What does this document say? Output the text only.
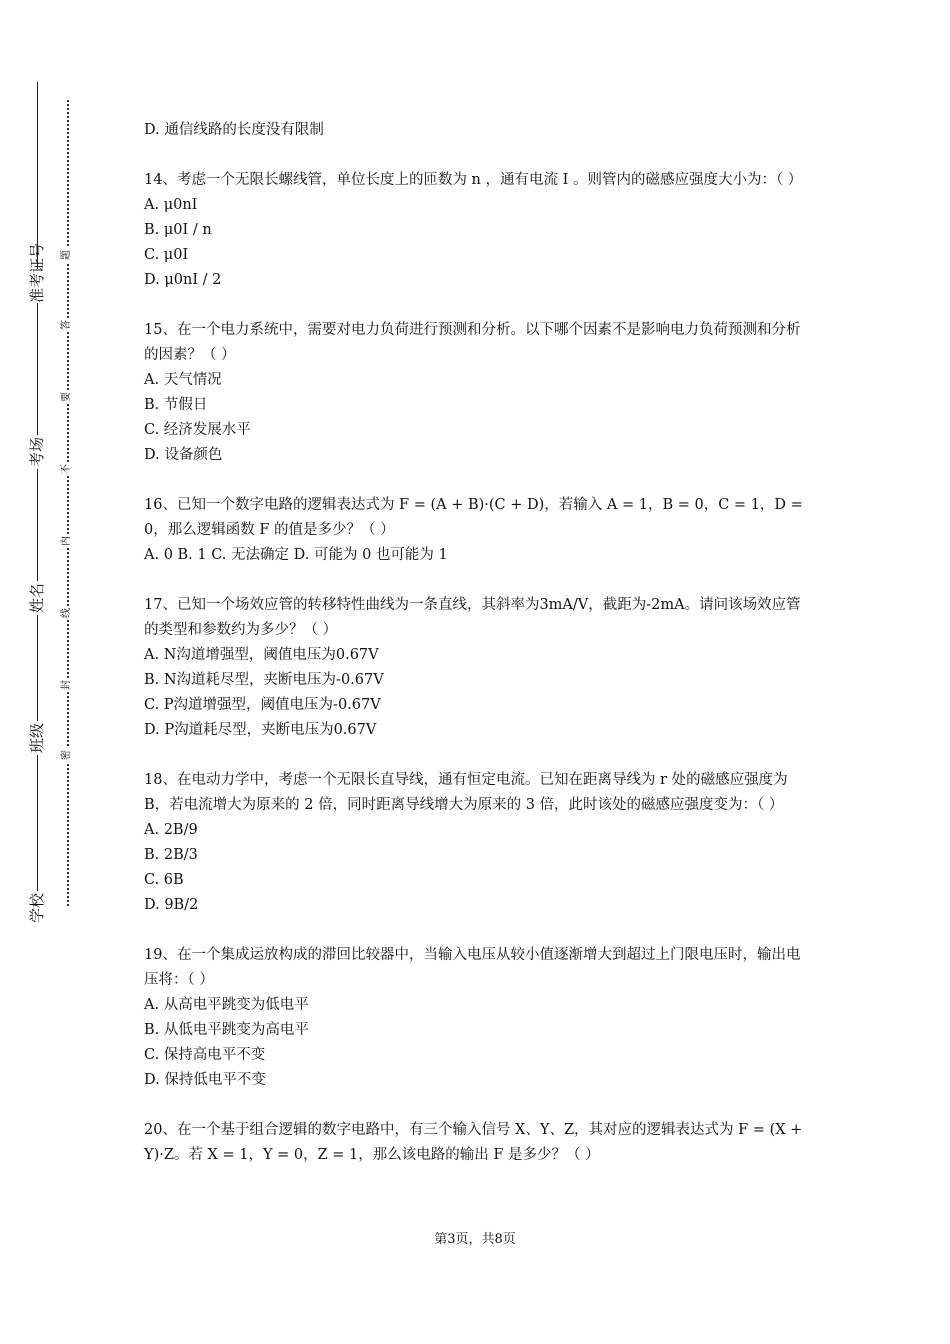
准考证号
考场
姓名
班级
学校
题
答
要
不
内
线
封
密

D. 通信线路的长度没有限制

14、考虑一个无限长螺线管，单位长度上的匝数为 n ，通有电流 I 。则管内的磁感应强度大小为：（ ）

A. μ0nI

B. μ0I / n

C. μ0I

D. μ0nI / 2

15、在一个电力系统中，需要对电力负荷进行预测和分析。以下哪个因素不是影响电力负荷预测和分析的因素？（ ）

A. 天气情况

B. 节假日

C. 经济发展水平

D. 设备颜色

16、已知一个数字电路的逻辑表达式为 F = (A + B)·(C + D)，若输入 A = 1，B = 0，C = 1，D = 0，那么逻辑函数 F 的值是多少？（ ）

A. 0 B. 1 C. 无法确定 D. 可能为 0 也可能为 1

17、已知一个场效应管的转移特性曲线为一条直线，其斜率为3mA/V，截距为-2mA。请问该场效应管的类型和参数约为多少？（ ）

A. N沟道增强型，阈值电压为0.67V

B. N沟道耗尽型，夹断电压为-0.67V

C. P沟道增强型，阈值电压为-0.67V

D. P沟道耗尽型，夹断电压为0.67V

18、在电动力学中，考虑一个无限长直导线，通有恒定电流。已知在距离导线为 r 处的磁感应强度为 B，若电流增大为原来的 2 倍，同时距离导线增大为原来的 3 倍，此时该处的磁感应强度变为：（ ）

A. 2B/9

B. 2B/3

C. 6B

D. 9B/2

19、在一个集成运放构成的滞回比较器中，当输入电压从较小值逐渐增大到超过上门限电压时，输出电压将：（ ）

A. 从高电平跳变为低电平

B. 从低电平跳变为高电平

C. 保持高电平不变

D. 保持低电平不变

20、在一个基于组合逻辑的数字电路中，有三个输入信号 X、Y、Z，其对应的逻辑表达式为 F = (X + Y)·Z。若 X = 1，Y = 0，Z = 1，那么该电路的输出 F 是多少？（ ）

第3页，共8页
